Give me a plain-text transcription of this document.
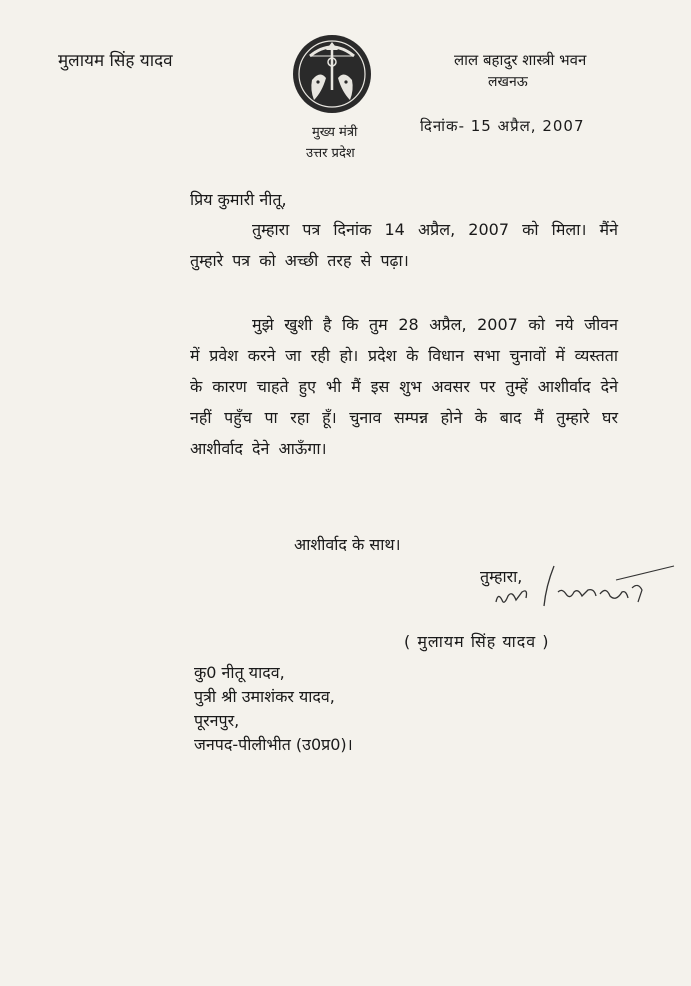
मुलायम सिंह यादव	लाल बहादुर शास्त्री भवन
लखनऊ
मुख्य मंत्री
उत्तर प्रदेश
दिनांक- 15 अप्रैल, 2007
प्रिय कुमारी नीतू,
तुम्हारा पत्र दिनांक 14 अप्रैल, 2007 को मिला। मैंने तुम्हारे पत्र को अच्छी तरह से पढ़ा।
मुझे खुशी है कि तुम 28 अप्रैल, 2007 को नये जीवन में प्रवेश करने जा रही हो। प्रदेश के विधान सभा चुनावों में व्यस्तता के कारण चाहते हुए भी मैं इस शुभ अवसर पर तुम्हें आशीर्वाद देने नहीं पहुँच पा रहा हूँ। चुनाव सम्पन्न होने के बाद मैं तुम्हारे घर आशीर्वाद देने आऊँगा।
आशीर्वाद के साथ।
तुम्हारा,
( मुलायम सिंह यादव )
कु0 नीतू यादव,
पुत्री श्री उमाशंकर यादव,
पूरनपुर,
जनपद-पीलीभीत (उ0प्र0)।
